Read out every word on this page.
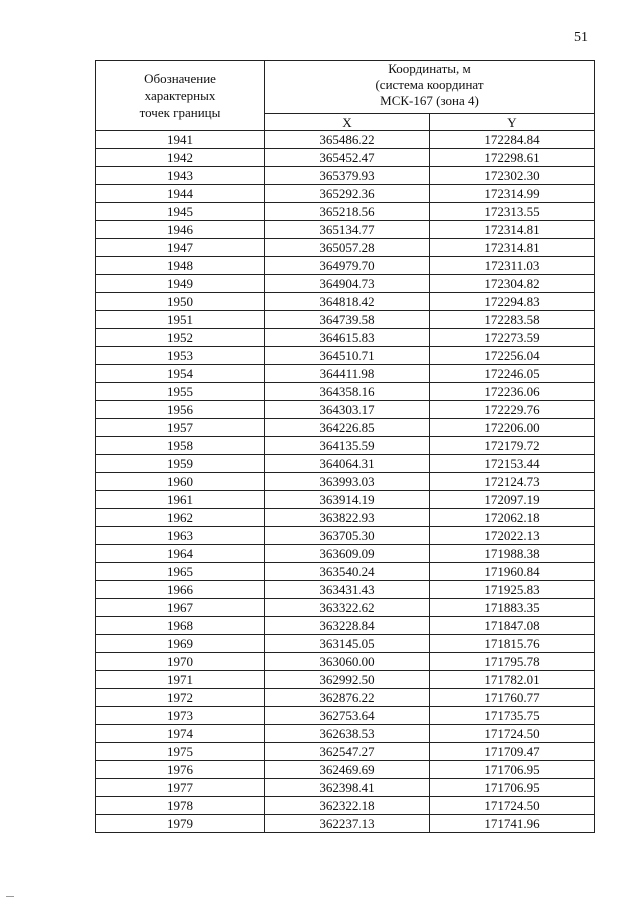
51
Обозначение
характерных
точек границы	Координаты, м
(система координат
МСК-167 (зона 4)	

	X	Y
1941	365486.22	172284.84
1942	365452.47	172298.61
1943	365379.93	172302.30
1944	365292.36	172314.99
1945	365218.56	172313.55
1946	365134.77	172314.81
1947	365057.28	172314.81
1948	364979.70	172311.03
1949	364904.73	172304.82
1950	364818.42	172294.83
1951	364739.58	172283.58
1952	364615.83	172273.59
1953	364510.71	172256.04
1954	364411.98	172246.05
1955	364358.16	172236.06
1956	364303.17	172229.76
1957	364226.85	172206.00
1958	364135.59	172179.72
1959	364064.31	172153.44
1960	363993.03	172124.73
1961	363914.19	172097.19
1962	363822.93	172062.18
1963	363705.30	172022.13
1964	363609.09	171988.38
1965	363540.24	171960.84
1966	363431.43	171925.83
1967	363322.62	171883.35
1968	363228.84	171847.08
1969	363145.05	171815.76
1970	363060.00	171795.78
1971	362992.50	171782.01
1972	362876.22	171760.77
1973	362753.64	171735.75
1974	362638.53	171724.50
1975	362547.27	171709.47
1976	362469.69	171706.95
1977	362398.41	171706.95
1978	362322.18	171724.50
1979	362237.13	171741.96
